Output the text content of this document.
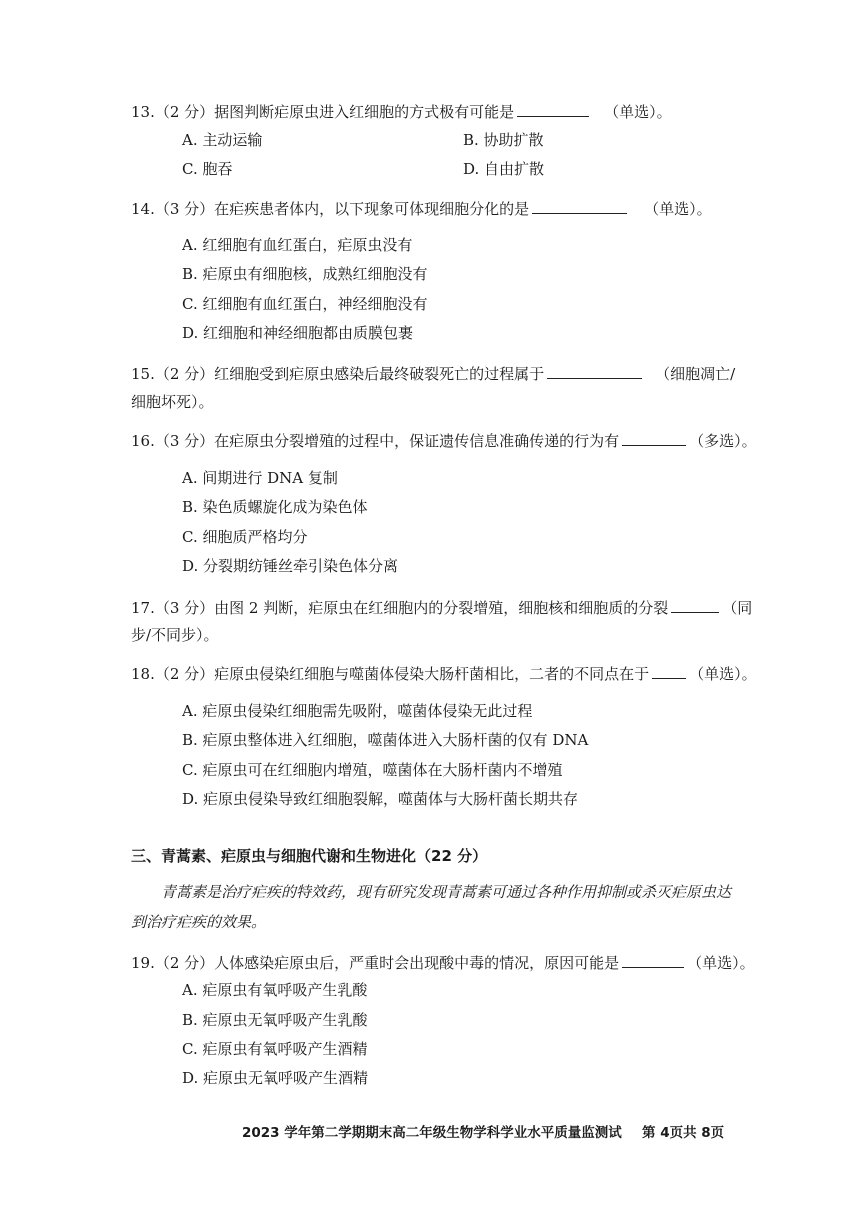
13.（2 分）据图判断疟原虫进入红细胞的方式极有可能是	（单选）。
A. 主动运输	B. 协助扩散
C. 胞吞	D. 自由扩散
14.（3 分）在疟疾患者体内，以下现象可体现细胞分化的是	（单选）。
A. 红细胞有血红蛋白，疟原虫没有
B. 疟原虫有细胞核，成熟红细胞没有
C. 红细胞有血红蛋白，神经细胞没有
D. 红细胞和神经细胞都由质膜包裹
15.（2 分）红细胞受到疟原虫感染后最终破裂死亡的过程属于	（细胞凋亡/
细胞坏死）。
16.（3 分）在疟原虫分裂增殖的过程中，保证遗传信息准确传递的行为有	（多选）。
A. 间期进行 DNA 复制
B. 染色质螺旋化成为染色体
C. 细胞质严格均分
D. 分裂期纺锤丝牵引染色体分离
17.（3 分）由图 2 判断，疟原虫在红细胞内的分裂增殖，细胞核和细胞质的分裂	（同
步/不同步）。
18.（2 分）疟原虫侵染红细胞与噬菌体侵染大肠杆菌相比，二者的不同点在于	（单选）。
A. 疟原虫侵染红细胞需先吸附，噬菌体侵染无此过程
B. 疟原虫整体进入红细胞，噬菌体进入大肠杆菌的仅有 DNA
C. 疟原虫可在红细胞内增殖，噬菌体在大肠杆菌内不增殖
D. 疟原虫侵染导致红细胞裂解，噬菌体与大肠杆菌长期共存
三、青蒿素、疟原虫与细胞代谢和生物进化（22 分）
青蒿素是治疗疟疾的特效药，现有研究发现青蒿素可通过各种作用抑制或杀灭疟原虫达到治疗疟疾的效果。
19.（2 分）人体感染疟原虫后，严重时会出现酸中毒的情况，原因可能是	（单选）。
A. 疟原虫有氧呼吸产生乳酸
B. 疟原虫无氧呼吸产生乳酸
C. 疟原虫有氧呼吸产生酒精
D. 疟原虫无氧呼吸产生酒精
2023 学年第二学期期末高二年级生物学科学业水平质量监测试 第 4页共 8页
